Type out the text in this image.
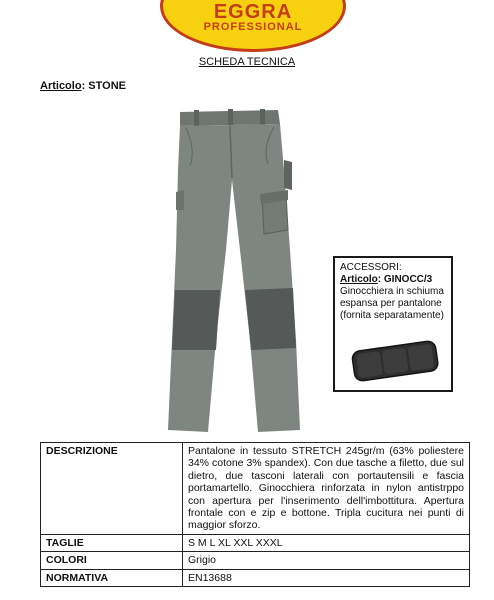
EGGRA
PROFESSIONAL
SCHEDA TECNICA
Articolo: STONE
ACCESSORI:
Articolo: GINOCC/3
Ginocchiera in schiuma espansa per pantalone (fornita separatamente)
DESCRIZIONE	Pantalone in tessuto STRETCH 245gr/m (63% poliestere 34% cotone 3% spandex). Con due tasche a filetto, due sul dietro, due tasconi laterali con portautensili e fascia portamartello. Ginocchiera rinforzata in nylon antistrppo con apertura per l'inserimento dell'imbottitura. Apertura frontale con e zip e bottone. Tripla cucitura nei punti di maggior sforzo.
TAGLIE	S M L XL XXL XXXL
COLORI	Grigio
NORMATIVA	EN13688
